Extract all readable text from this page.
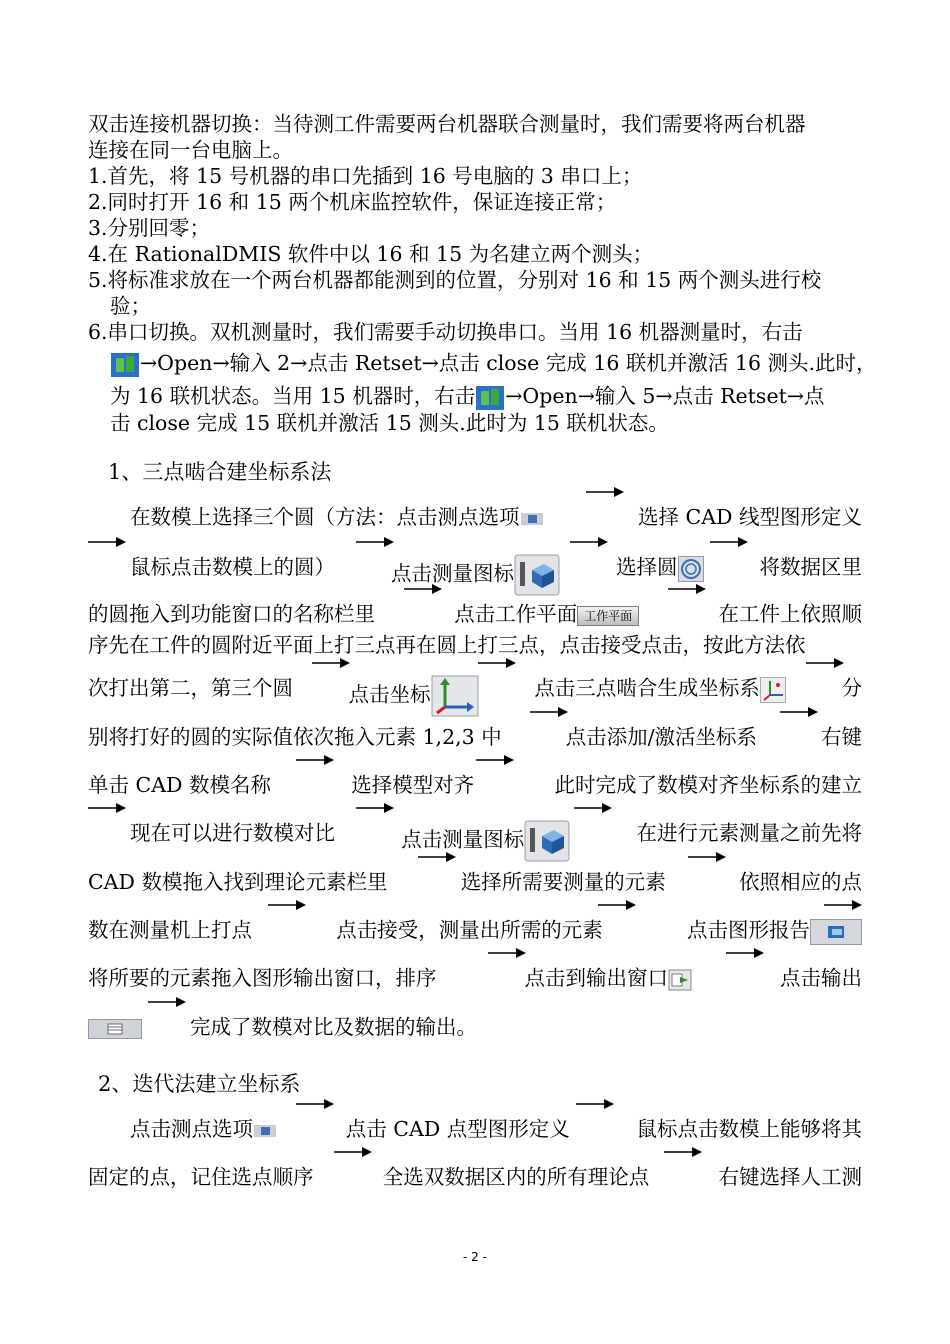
双击连接机器切换：当待测工件需要两台机器联合测量时，我们需要将两台机器
连接在同一台电脑上。
1.首先，将 15 号机器的串口先插到 16 号电脑的 3 串口上；
2.同时打开 16 和 15 两个机床监控软件，保证连接正常；
3.分别回零；
4.在 RationalDMIS 软件中以 16 和 15 为名建立两个测头；
5.将标准求放在一个两台机器都能测到的位置，分别对 16 和 15 两个测头进行校
验；
6.串口切换。双机测量时，我们需要手动切换串口。当用 16 机器测量时，右击
→Open→输入 2→点击 Retset→点击 close 完成 16 联机并激活 16 测头.此时，
为 16 联机状态。当用 15 机器时，右击 →Open→输入 5→点击 Retset→点
击 close 完成 15 联机并激活 15 测头.此时为 15 联机状态。
1、三点啮合建坐标系法
在数模上选择三个圆（方法：点击测点选项	选择 CAD 线型图形定义
鼠标点击数模上的圆）	点击测量图标	选择圆	将数据区里
的圆拖入到功能窗口的名称栏里	点击工作平面 工作平面	在工件上依照顺
序先在工件的圆附近平面上打三点再在圆上打三点，点击接受点击，按此方法依
次打出第二，第三个圆	点击坐标	点击三点啮合生成坐标系	分
别将打好的圆的实际值依次拖入元素 1,2,3 中	点击添加/激活坐标系	右键
单击 CAD 数模名称	选择模型对齐	此时完成了数模对齐坐标系的建立
现在可以进行数模对比	点击测量图标	在进行元素测量之前先将
CAD 数模拖入找到理论元素栏里	选择所需要测量的元素	依照相应的点
数在测量机上打点	点击接受，测量出所需的元素	点击图形报告
将所要的元素拖入图形输出窗口，排序	点击到输出窗口	点击输出
完成了数模对比及数据的输出。
2、迭代法建立坐标系
点击测点选项	点击 CAD 点型图形定义	鼠标点击数模上能够将其
固定的点，记住选点顺序	全选双数据区内的所有理论点	右键选择人工测
- 2 -
